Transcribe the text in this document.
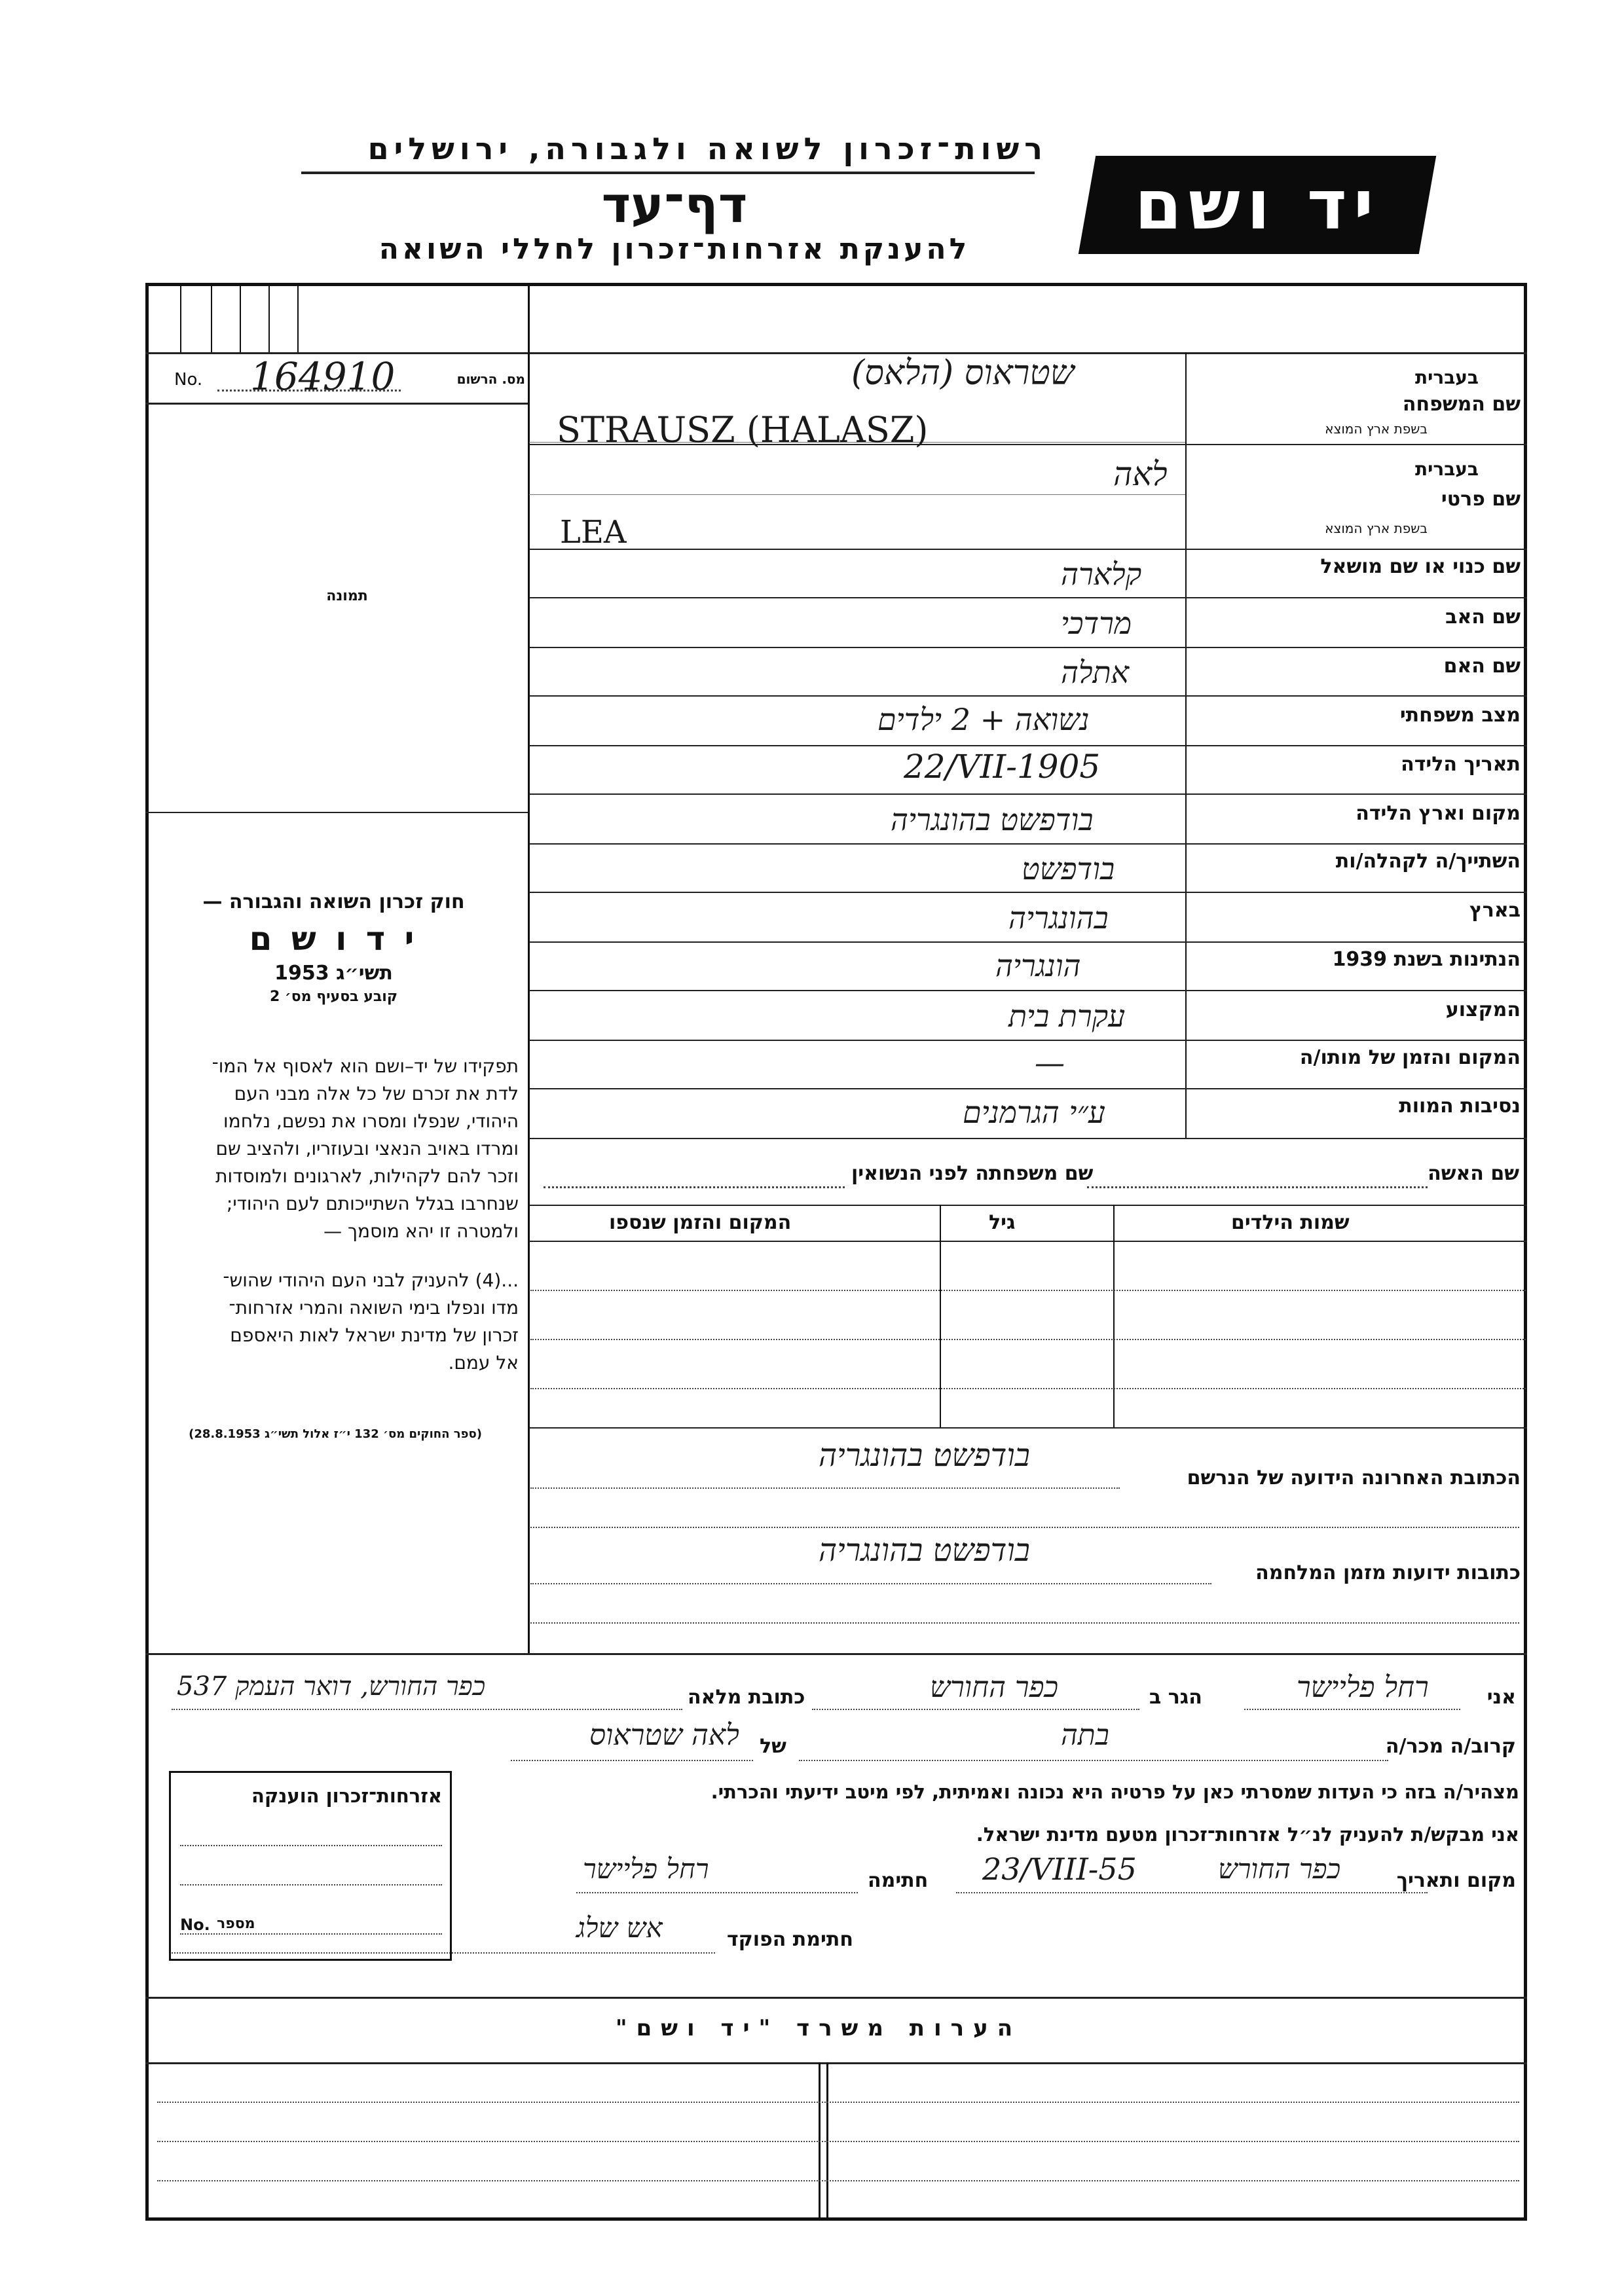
רשות־זכרון לשואה ולגבורה, ירושלים
דף־עד
להענקת אזרחות־זכרון לחללי השואה
יד ושם
No. 164910	מס. הרשום
תמונה
חוק זכרון השואה והגבורה —
י ד ו ש ם
תשי״ג 1953
קובע בסעיף מס׳ 2
תפקידו של יד–ושם הוא לאסוף אל המו־
לדת את זכרם של כל אלה מבני העם
היהודי, שנפלו ומסרו את נפשם, נלחמו
ומרדו באויב הנאצי ובעוזריו, ולהציב שם
וזכר להם לקהילות, לארגונים ולמוסדות
שנחרבו בגלל השתייכותם לעם היהודי;
ולמטרה זו יהא מוסמך —
...(4) להעניק לבני העם היהודי שהוש־
מדו ונפלו בימי השואה והמרי אזרחות־
זכרון של מדינת ישראל לאות היאספם
אל עמם.
(ספר החוקים מס׳ 132 י״ז אלול תשי״ג 28.8.1953)
שם המשפחה
בעברית
בשפת ארץ המוצא
שטראוס (הלאס)
STRAUSZ (HALASZ)
שם פרטי
בעברית
בשפת ארץ המוצא
לאה
LEA
שם כנוי או שם מושאל
קלארה
שם האב
מרדכי
שם האם
אתלה
מצב משפחתי
נשואה + 2 ילדים
תאריך הלידה
22/VII-1905
מקום וארץ הלידה
בודפשט בהונגריה
השתייך/ה לקהלה/ות
בודפשט
בארץ
בהונגריה
הנתינות בשנת 1939
הונגריה
המקצוע
עקרת בית
המקום והזמן של מותו/ה
—
נסיבות המוות
ע״י הגרמנים
שם האשה
שם משפחתה לפני הנשואין
שמות הילדים
גיל
המקום והזמן שנספו
הכתובת האחרונה הידועה של הנרשם
בודפשט בהונגריה
כתובות ידועות מזמן המלחמה
בודפשט בהונגריה
אני
רחל פליישר
הגר ב
כפר החורש
כתובת מלאה
כפר החורש, דואר העמק 537
קרוב/ה מכר/ה
בתה
של
לאה שטראוס
מצהיר/ה בזה כי העדות שמסרתי כאן על פרטיה היא נכונה ואמיתית, לפי מיטב ידיעתי והכרתי.
אני מבקש/ת להעניק לנ״ל אזרחות־זכרון מטעם מדינת ישראל.
מקום ותאריך
כפר החורש
23/VIII-55
חתימה
רחל פליישר
חתימת הפוקד
אש שלג
אזרחות־זכרון הוענקה
No. מספר
הערות משרד "יד ושם"
